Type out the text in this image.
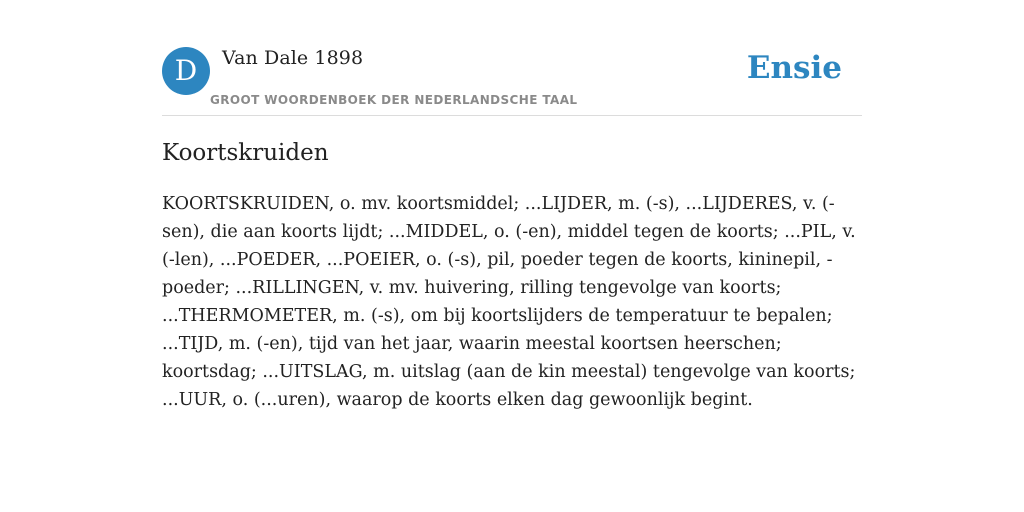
D	Van Dale 1898
GROOT WOORDENBOEK DER NEDERLANDSCHE TAAL
Ensie
Koortskruiden

KOORTSKRUIDEN, o. mv. koortsmiddel; ...LIJDER, m. (-s), ...LIJDERES, v. (-sen), die aan koorts lijdt; ...MIDDEL, o. (-en), middel tegen de koorts; ...PIL, v. (-len), ...POEDER, ...POEIER, o. (-s), pil, poeder tegen de koorts, kininepil, -poeder; ...RILLINGEN, v. mv. huivering, rilling tengevolge van koorts; ...THERMOMETER, m. (-s), om bij koortslijders de temperatuur te bepalen; ...TIJD, m. (-en), tijd van het jaar, waarin meestal koortsen heerschen; koortsdag; ...UITSLAG, m. uitslag (aan de kin meestal) tengevolge van koorts; ...UUR, o. (...uren), waarop de koorts elken dag gewoonlijk begint.
